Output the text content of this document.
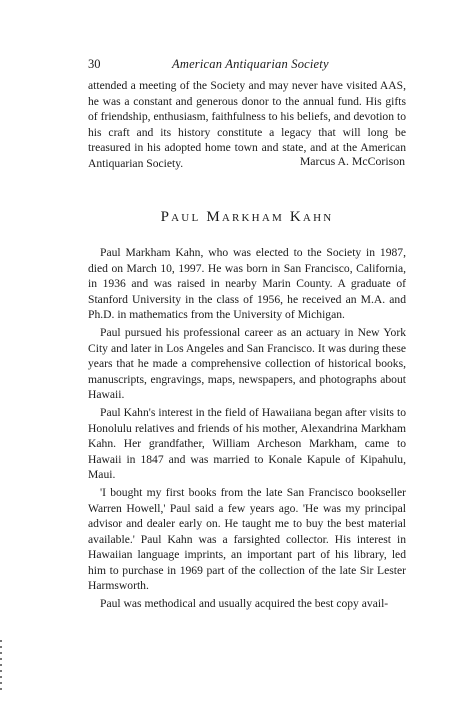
30	American Antiquarian Society

attended a meeting of the Society and may never have visited AAS, he was a constant and generous donor to the annual fund. His gifts of friendship, enthusiasm, faithfulness to his beliefs, and devotion to his craft and its history constitute a legacy that will long be treasured in his adopted home town and state, and at the American Antiquarian Society.	Marcus A. McCorison
Paul Markham Kahn

Paul Markham Kahn, who was elected to the Society in 1987, died on March 10, 1997. He was born in San Francisco, California, in 1936 and was raised in nearby Marin County. A graduate of Stanford University in the class of 1956, he received an M.A. and Ph.D. in mathematics from the University of Michigan.

Paul pursued his professional career as an actuary in New York City and later in Los Angeles and San Francisco. It was during these years that he made a comprehensive collection of historical books, manuscripts, engravings, maps, newspapers, and photographs about Hawaii.

Paul Kahn's interest in the field of Hawaiiana began after visits to Honolulu relatives and friends of his mother, Alexandrina Markham Kahn. Her grandfather, William Archeson Markham, came to Hawaii in 1847 and was married to Konale Kapule of Kipahulu, Maui.

'I bought my first books from the late San Francisco bookseller Warren Howell,' Paul said a few years ago. 'He was my principal advisor and dealer early on. He taught me to buy the best material available.' Paul Kahn was a farsighted collector. His interest in Hawaiian language imprints, an important part of his library, led him to purchase in 1969 part of the collection of the late Sir Lester Harmsworth.

Paul was methodical and usually acquired the best copy avail-
